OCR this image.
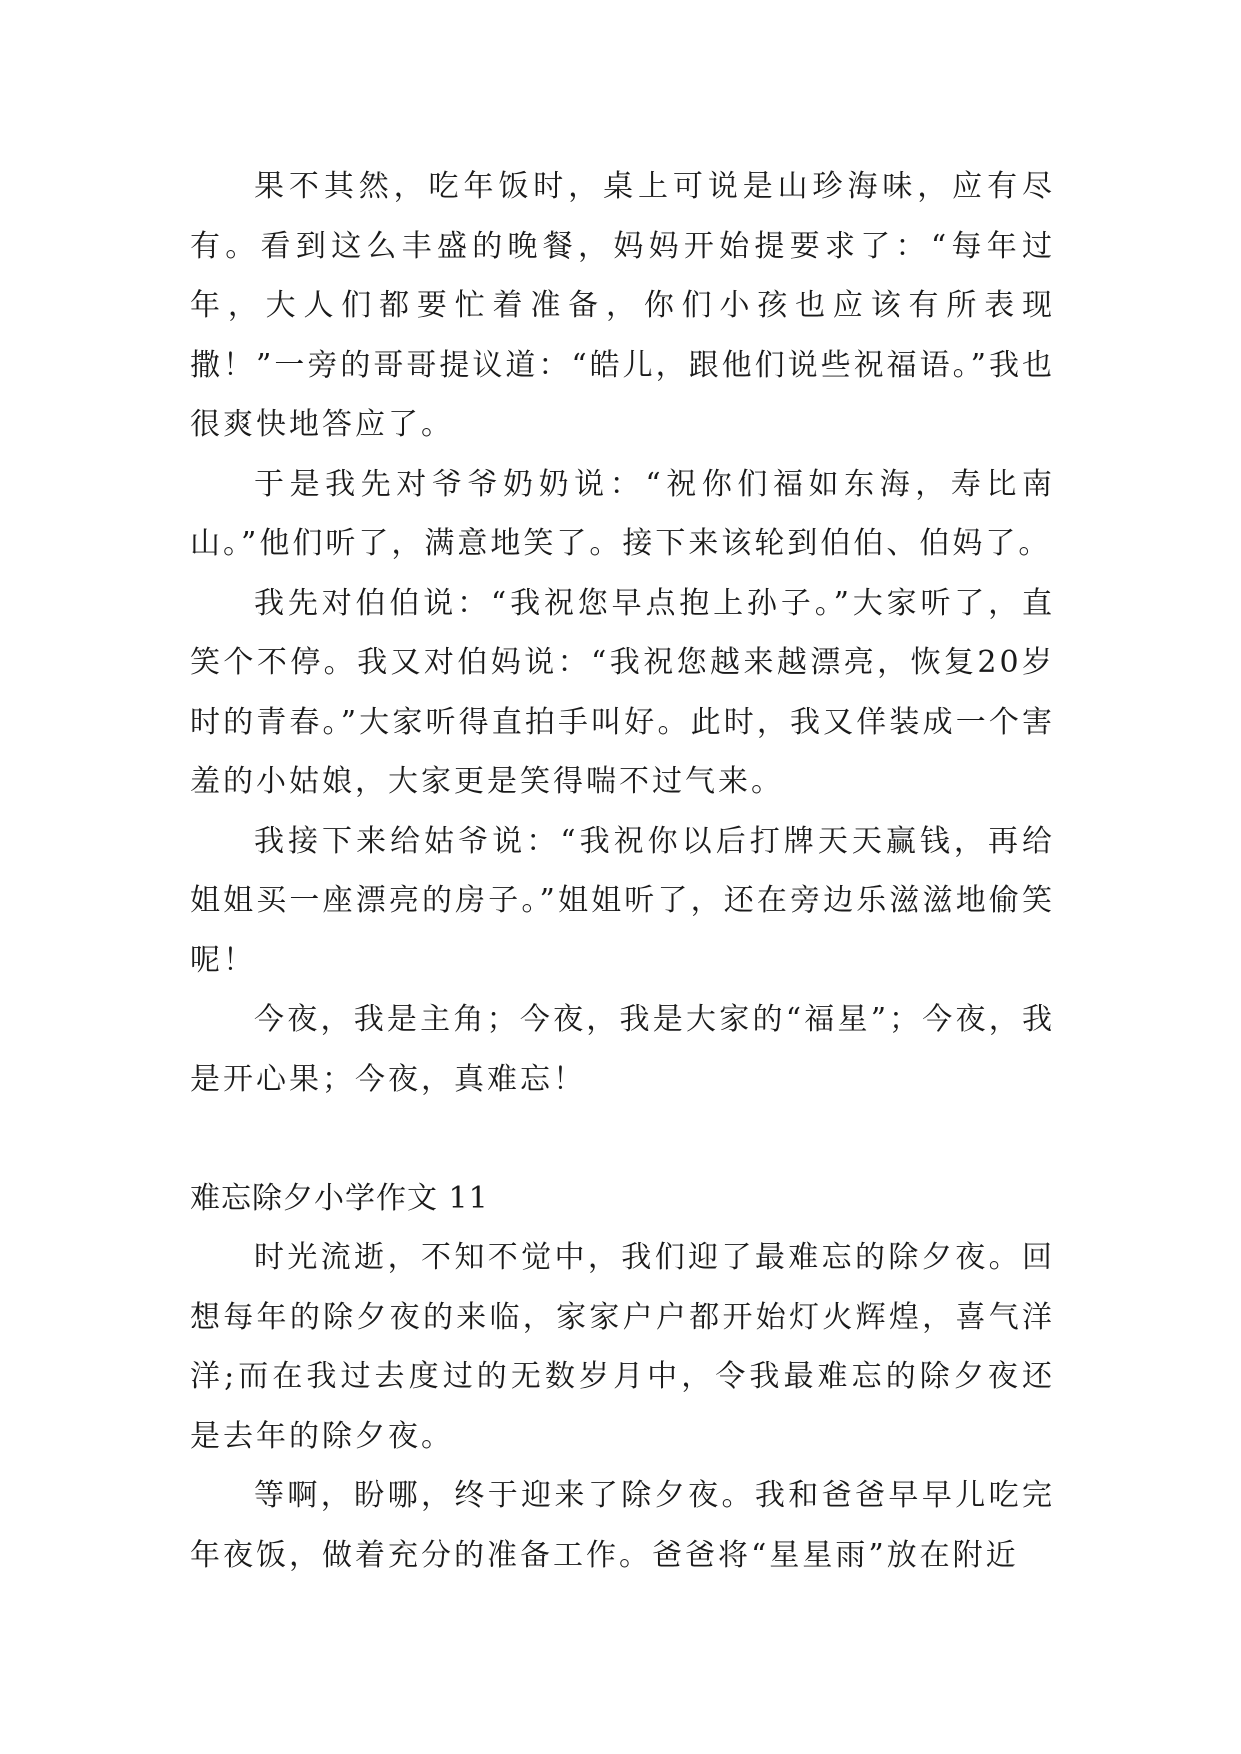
果不其然，吃年饭时，桌上可说是山珍海味，应有尽有。看到这么丰盛的晚餐，妈妈开始提要求了：“每年过年，大人们都要忙着准备，你们小孩也应该有所表现撒！”一旁的哥哥提议道：“皓儿，跟他们说些祝福语。”我也很爽快地答应了。

于是我先对爷爷奶奶说：“祝你们福如东海，寿比南山。”他们听了，满意地笑了。接下来该轮到伯伯、伯妈了。

我先对伯伯说：“我祝您早点抱上孙子。”大家听了，直笑个不停。我又对伯妈说：“我祝您越来越漂亮，恢复20岁时的青春。”大家听得直拍手叫好。此时，我又佯装成一个害羞的小姑娘，大家更是笑得喘不过气来。

我接下来给姑爷说：“我祝你以后打牌天天赢钱，再给姐姐买一座漂亮的房子。”姐姐听了，还在旁边乐滋滋地偷笑呢！

今夜，我是主角；今夜，我是大家的“福星”；今夜，我是开心果；今夜，真难忘！

难忘除夕小学作文 11

时光流逝，不知不觉中，我们迎了最难忘的除夕夜。回想每年的除夕夜的来临，家家户户都开始灯火辉煌，喜气洋洋;而在我过去度过的无数岁月中，令我最难忘的除夕夜还是去年的除夕夜。

等啊，盼哪，终于迎来了除夕夜。我和爸爸早早儿吃完年夜饭，做着充分的准备工作。爸爸将“星星雨”放在附近
